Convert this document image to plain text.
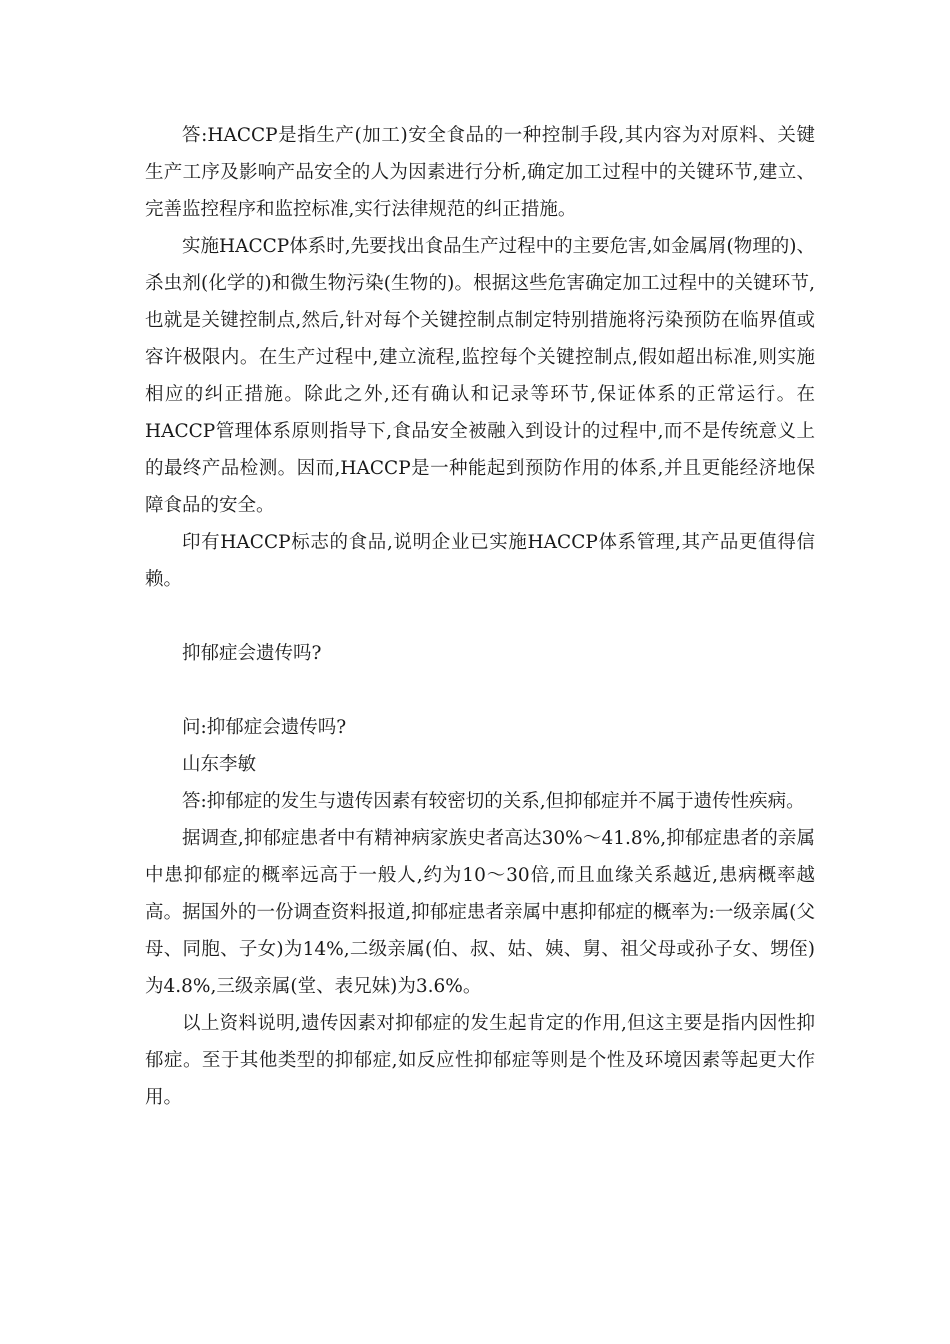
答:HACCP是指生产(加工)安全食品的一种控制手段,其内容为对原料、关键生产工序及影响产品安全的人为因素进行分析,确定加工过程中的关键环节,建立、完善监控程序和监控标准,实行法律规范的纠正措施。

实施HACCP体系时,先要找出食品生产过程中的主要危害,如金属屑(物理的)、杀虫剂(化学的)和微生物污染(生物的)。根据这些危害确定加工过程中的关键环节,也就是关键控制点,然后,针对每个关键控制点制定特别措施将污染预防在临界值或容许极限内。在生产过程中,建立流程,监控每个关键控制点,假如超出标准,则实施相应的纠正措施。除此之外,还有确认和记录等环节,保证体系的正常运行。在HACCP管理体系原则指导下,食品安全被融入到设计的过程中,而不是传统意义上的最终产品检测。因而,HACCP是一种能起到预防作用的体系,并且更能经济地保障食品的安全。

印有HACCP标志的食品,说明企业已实施HACCP体系管理,其产品更值得信赖。

抑郁症会遗传吗?

问:抑郁症会遗传吗?

山东李敏

答:抑郁症的发生与遗传因素有较密切的关系,但抑郁症并不属于遗传性疾病。

据调查,抑郁症患者中有精神病家族史者高达30%～41.8%,抑郁症患者的亲属中患抑郁症的概率远高于一般人,约为10～30倍,而且血缘关系越近,患病概率越高。据国外的一份调查资料报道,抑郁症患者亲属中惠抑郁症的概率为:一级亲属(父母、同胞、子女)为14%,二级亲属(伯、叔、姑、姨、舅、祖父母或孙子女、甥侄)为4.8%,三级亲属(堂、表兄妹)为3.6%。

以上资料说明,遗传因素对抑郁症的发生起肯定的作用,但这主要是指内因性抑郁症。至于其他类型的抑郁症,如反应性抑郁症等则是个性及环境因素等起更大作用。
